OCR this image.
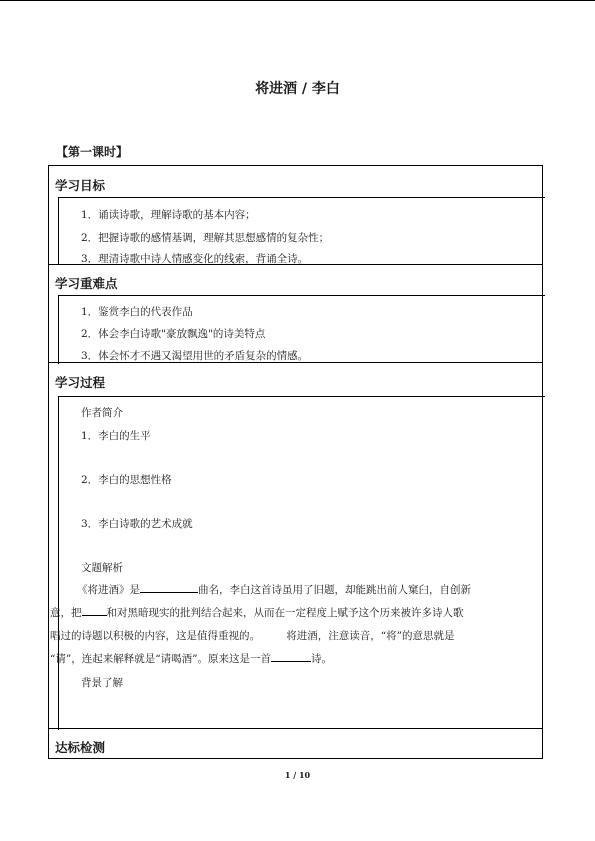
将进酒 / 李白
【第一课时】
学习目标
1．诵读诗歌，理解诗歌的基本内容；
2．把握诗歌的感情基调，理解其思想感情的复杂性；
3．理清诗歌中诗人情感变化的线索，背诵全诗。
学习重难点
1．鉴赏李白的代表作品
2．体会李白诗歌"豪放飘逸"的诗美特点
3．体会怀才不遇又渴望用世的矛盾复杂的情感。
学习过程
作者简介
1．李白的生平
2．李白的思想性格
3．李白诗歌的艺术成就
文题解析
《将进酒》是	曲名，李白这首诗虽用了旧题，却能跳出前人窠臼，自创新
意，把 和对黑暗现实的批判结合起来，从而在一定程度上赋予这个历来被许多诗人歌
唱过的诗题以积极的内容，这是值得重视的。　　　将进酒，注意读音，“将”的意思就是
“请”，连起来解释就是“请喝酒”。原来这是一首	诗。
背景了解
达标检测
1 / 10
